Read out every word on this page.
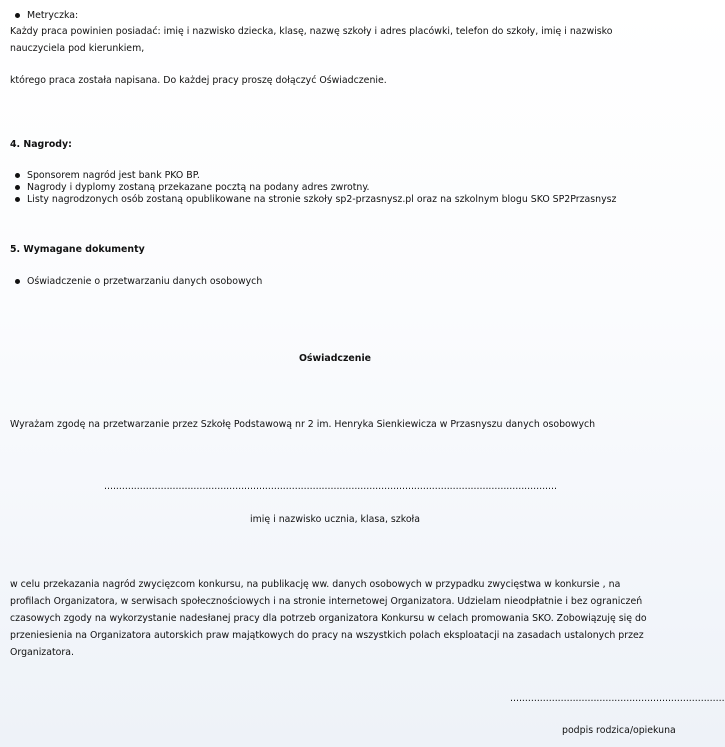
Metryczka:

Każdy praca powinien posiadać: imię i nazwisko dziecka, klasę, nazwę szkoły i adres placówki, telefon do szkoły, imię i nazwisko nauczyciela pod kierunkiem,

którego praca została napisana. Do każdej pracy proszę dołączyć Oświadczenie.

4. Nagrody:
Sponsorem nagród jest bank PKO BP.
Nagrody i dyplomy zostaną przekazane pocztą na podany adres zwrotny.
Listy nagrodzonych osób zostaną opublikowane na stronie szkoły sp2-przasnysz.pl oraz na szkolnym blogu SKO SP2Przasnysz
5. Wymagane dokumenty
Oświadczenie o przetwarzaniu danych osobowych
Oświadczenie

Wyrażam zgodę na przetwarzanie przez Szkołę Podstawową nr 2 im. Henryka Sienkiewicza w Przasnyszu danych osobowych

........................................................................................................................................................
imię i nazwisko ucznia, klasa, szkoła

w celu przekazania nagród zwycięzcom konkursu, na publikację ww. danych osobowych w przypadku zwycięstwa w konkursie , na profilach Organizatora, w serwisach społecznościowych i na stronie internetowej Organizatora. Udzielam nieodpłatnie i bez ograniczeń czasowych zgody na wykorzystanie nadesłanej pracy dla potrzeb organizatora Konkursu w celach promowania SKO. Zobowiązuję się do przeniesienia na Organizatora autorskich praw majątkowych do pracy na wszystkich polach eksploatacji na zasadach ustalonych przez Organizatora.

........................................................................
podpis rodzica/opiekuna
